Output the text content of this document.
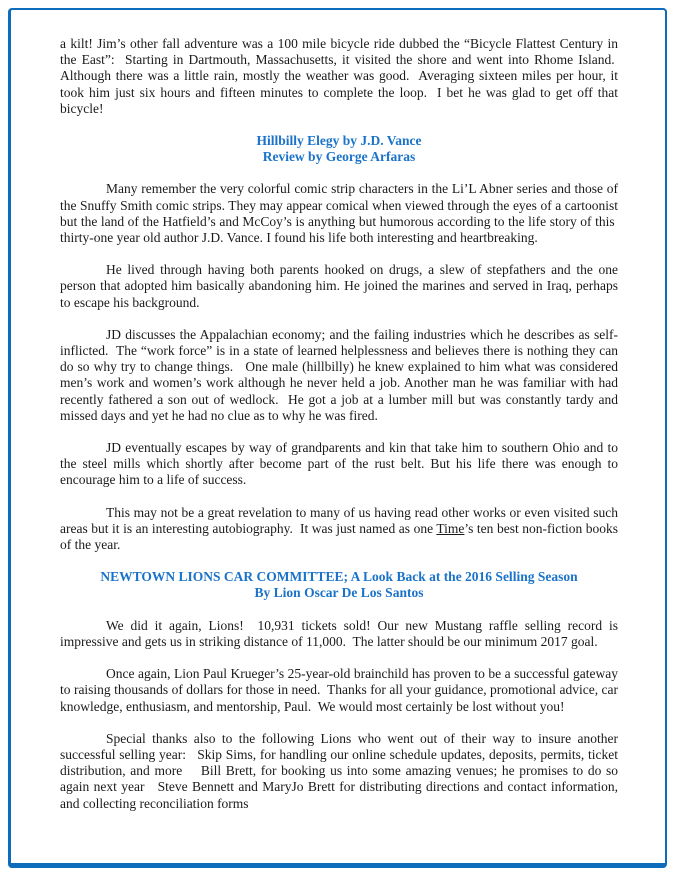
a kilt! Jim’s other fall adventure was a 100 mile bicycle ride dubbed the “Bicycle Flattest Century in the East”:  Starting in Dartmouth, Massachusetts, it visited the shore and went into Rhome Island.  Although there was a little rain, mostly the weather was good.  Averaging sixteen miles per hour, it took him just six hours and fifteen minutes to complete the loop.  I bet he was glad to get off that bicycle!

Hillbilly Elegy by J.D. Vance
Review by George Arfaras

Many remember the very colorful comic strip characters in the Li’L Abner series and those of the Snuffy Smith comic strips. They may appear comical when viewed through the eyes of a cartoonist but the land of the Hatfield’s and McCoy’s is anything but humorous according to the life story of this  thirty-one year old author J.D. Vance. I found his life both interesting and heartbreaking.

He lived through having both parents hooked on drugs, a slew of stepfathers and the one person that adopted him basically abandoning him. He joined the marines and served in Iraq, perhaps to escape his background.

JD discusses the Appalachian economy; and the failing industries which he describes as self-inflicted.  The “work force” is in a state of learned helplessness and believes there is nothing they can do so why try to change things.   One male (hillbilly) he knew explained to him what was considered men’s work and women’s work although he never held a job. Another man he was familiar with had recently fathered a son out of wedlock.  He got a job at a lumber mill but was constantly tardy and missed days and yet he had no clue as to why he was fired.

JD eventually escapes by way of grandparents and kin that take him to southern Ohio and to the steel mills which shortly after become part of the rust belt. But his life there was enough to encourage him to a life of success.

This may not be a great revelation to many of us having read other works or even visited such areas but it is an interesting autobiography.  It was just named as one Time’s ten best non-fiction books of the year.

NEWTOWN LIONS CAR COMMITTEE; A Look Back at the 2016 Selling Season
By Lion Oscar De Los Santos

We did it again, Lions!  10,931 tickets sold! Our new Mustang raffle selling record is impressive and gets us in striking distance of 11,000.  The latter should be our minimum 2017 goal.

Once again, Lion Paul Krueger’s 25-year-old brainchild has proven to be a successful gateway to raising thousands of dollars for those in need.  Thanks for all your guidance, promotional advice, car knowledge, enthusiasm, and mentorship, Paul.  We would most certainly be lost without you!

Special thanks also to the following Lions who went out of their way to insure another successful selling year:   Skip Sims, for handling our online schedule updates, deposits, permits, ticket distribution, and more    Bill Brett, for booking us into some amazing venues; he promises to do so again next year   Steve Bennett and MaryJo Brett for distributing directions and contact information, and collecting reconciliation forms
